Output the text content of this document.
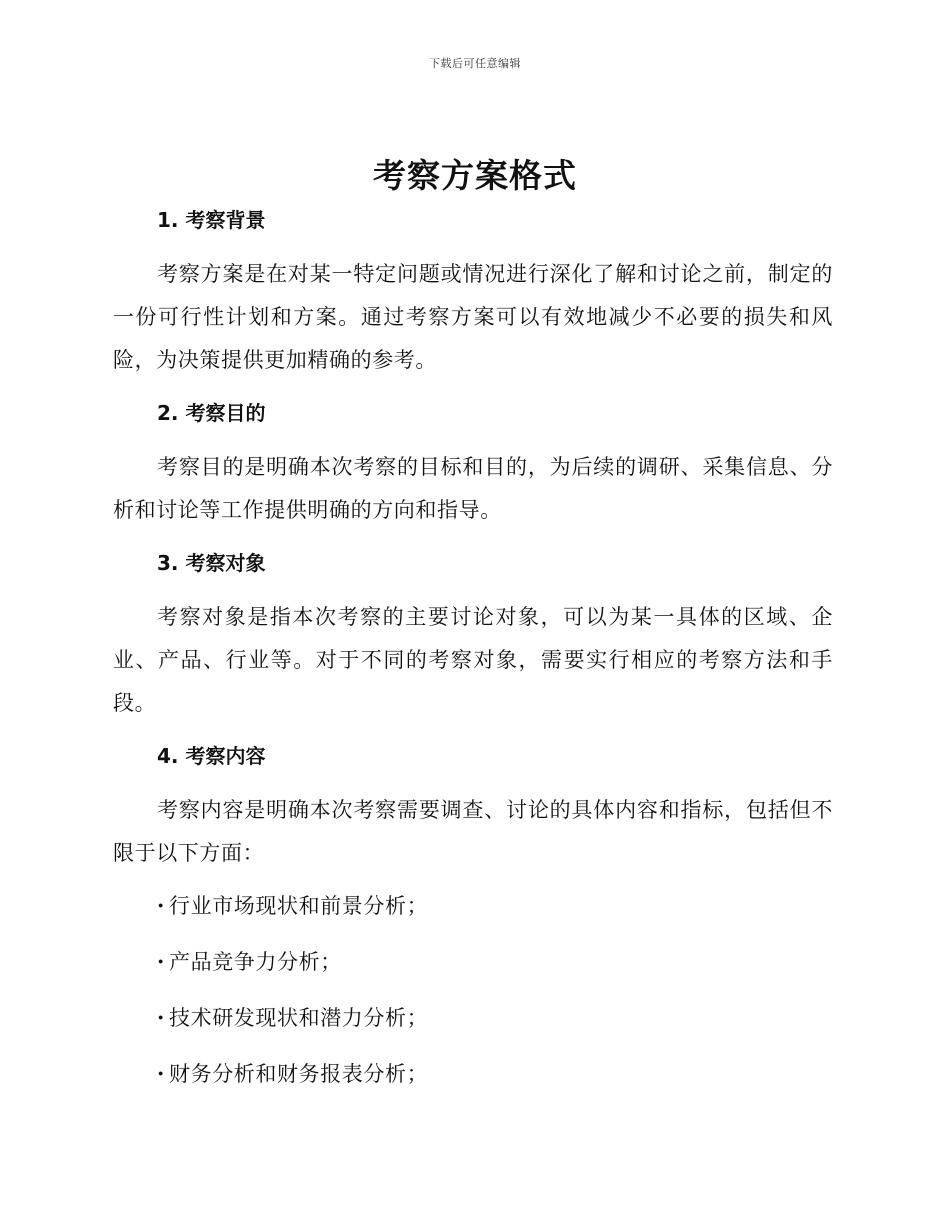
下载后可任意编辑
考察方案格式
1. 考察背景

考察方案是在对某一特定问题或情况进行深化了解和讨论之前，制定的一份可行性计划和方案。通过考察方案可以有效地减少不必要的损失和风险，为决策提供更加精确的参考。

2. 考察目的

考察目的是明确本次考察的目标和目的，为后续的调研、采集信息、分析和讨论等工作提供明确的方向和指导。

3. 考察对象

考察对象是指本次考察的主要讨论对象，可以为某一具体的区域、企业、产品、行业等。对于不同的考察对象，需要实行相应的考察方法和手段。

4. 考察内容

考察内容是明确本次考察需要调查、讨论的具体内容和指标，包括但不限于以下方面：

· 行业市场现状和前景分析；
· 产品竞争力分析；
· 技术研发现状和潜力分析；
· 财务分析和财务报表分析；
